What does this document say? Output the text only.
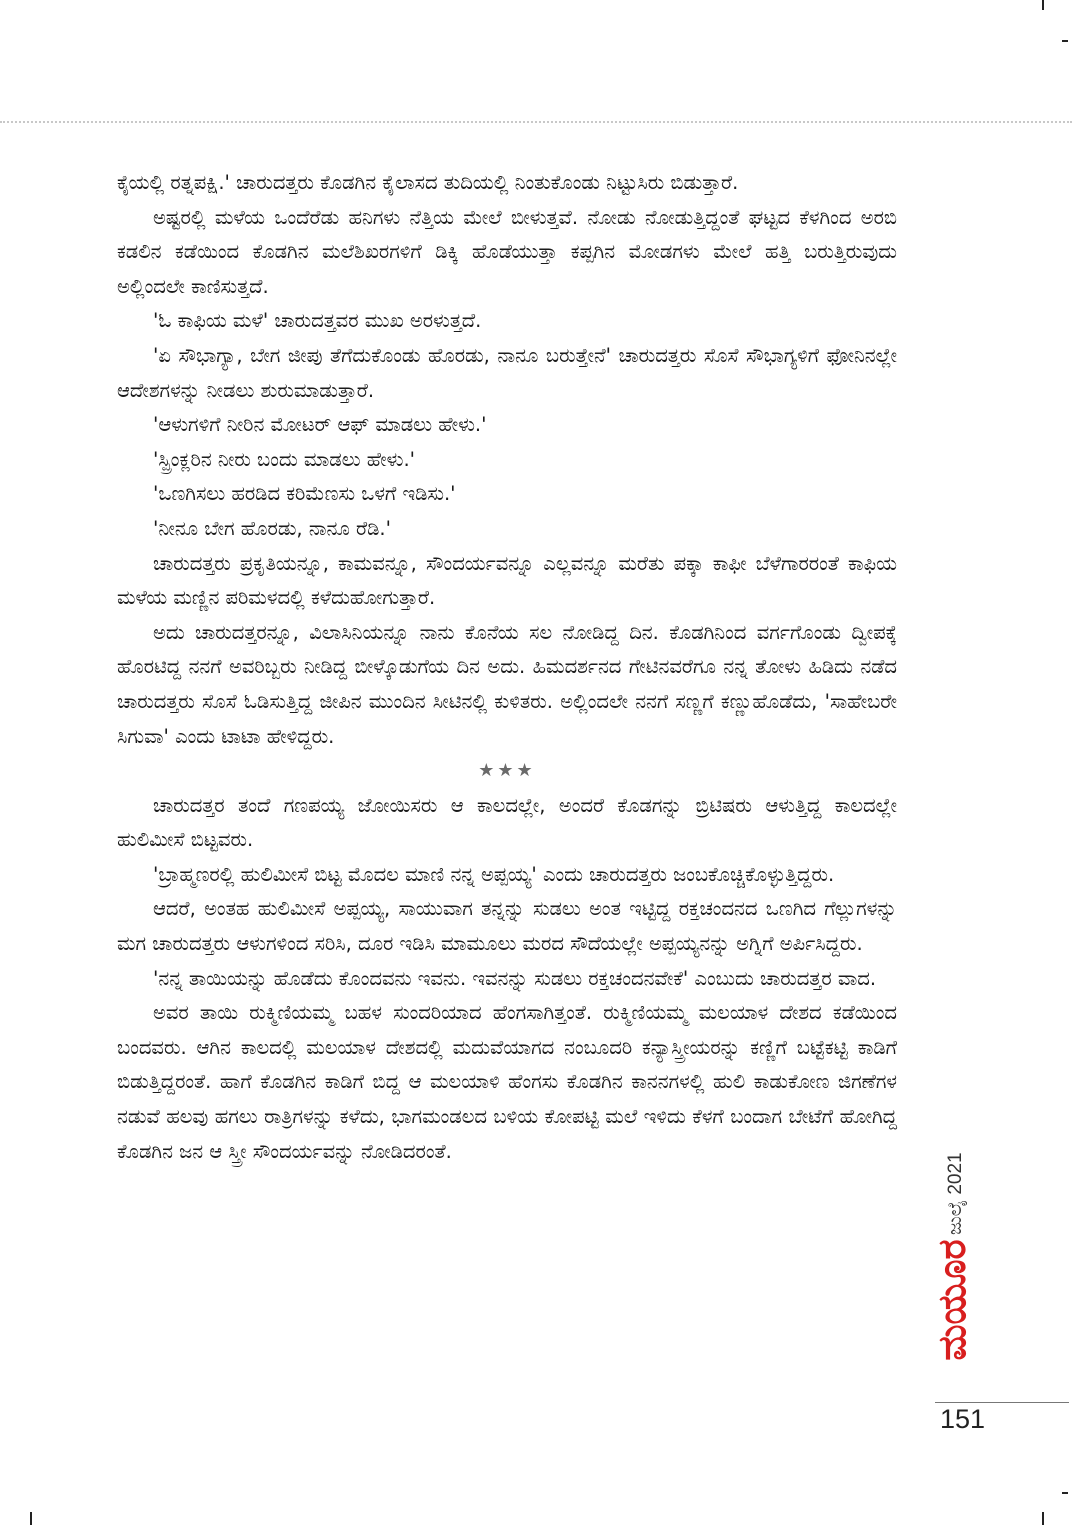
ಕೈಯಲ್ಲಿ ರತ್ನಪಕ್ಷಿ.' ಚಾರುದತ್ತರು ಕೊಡಗಿನ ಕೈಲಾಸದ ತುದಿಯಲ್ಲಿ ನಿಂತುಕೊಂಡು ನಿಟ್ಟುಸಿರು ಬಿಡುತ್ತಾರೆ.

ಅಷ್ಟರಲ್ಲಿ ಮಳೆಯ ಒಂದೆರೆಡು ಹನಿಗಳು ನೆತ್ತಿಯ ಮೇಲೆ ಬೀಳುತ್ತವೆ. ನೋಡು ನೋಡುತ್ತಿದ್ದಂತೆ ಘಟ್ಟದ ಕೆಳಗಿಂದ ಅರಬಿ ಕಡಲಿನ ಕಡೆಯಿಂದ ಕೊಡಗಿನ ಮಲೆಶಿಖರಗಳಿಗೆ ಡಿಕ್ಕಿ ಹೊಡೆಯುತ್ತಾ ಕಪ್ಪಗಿನ ಮೋಡಗಳು ಮೇಲೆ ಹತ್ತಿ ಬರುತ್ತಿರುವುದು ಅಲ್ಲಿಂದಲೇ ಕಾಣಿಸುತ್ತದೆ.

'ಓ ಕಾಫಿಯ ಮಳೆ' ಚಾರುದತ್ತವರ ಮುಖ ಅರಳುತ್ತದೆ.

'ಏ ಸೌಭಾಗ್ಯಾ, ಬೇಗ ಜೀಪು ತೆಗೆದುಕೊಂಡು ಹೊರಡು, ನಾನೂ ಬರುತ್ತೇನೆ' ಚಾರುದತ್ತರು ಸೊಸೆ ಸೌಭಾಗ್ಯಳಿಗೆ ಫೋನಿನಲ್ಲೇ ಆದೇಶಗಳನ್ನು ನೀಡಲು ಶುರುಮಾಡುತ್ತಾರೆ.

'ಆಳುಗಳಿಗೆ ನೀರಿನ ಮೋಟರ್ ಆಫ್ ಮಾಡಲು ಹೇಳು.'

'ಸ್ಪ್ರಿಂಕ್ಲರಿನ ನೀರು ಬಂದು ಮಾಡಲು ಹೇಳು.'

'ಒಣಗಿಸಲು ಹರಡಿದ ಕರಿಮೆಣಸು ಒಳಗೆ ಇಡಿಸು.'

'ನೀನೂ ಬೇಗ ಹೊರಡು, ನಾನೂ ರೆಡಿ.'

ಚಾರುದತ್ತರು ಪ್ರಕೃತಿಯನ್ನೂ, ಕಾಮವನ್ನೂ, ಸೌಂದರ್ಯವನ್ನೂ ಎಲ್ಲವನ್ನೂ ಮರೆತು ಪಕ್ಕಾ ಕಾಫೀ ಬೆಳೆಗಾರರಂತೆ ಕಾಫಿಯ ಮಳೆಯ ಮಣ್ಣಿನ ಪರಿಮಳದಲ್ಲಿ ಕಳೆದುಹೋಗುತ್ತಾರೆ.

ಅದು ಚಾರುದತ್ತರನ್ನೂ, ವಿಲಾಸಿನಿಯನ್ನೂ ನಾನು ಕೊನೆಯ ಸಲ ನೋಡಿದ್ದ ದಿನ. ಕೊಡಗಿನಿಂದ ವರ್ಗಗೊಂಡು ದ್ವೀಪಕ್ಕೆ ಹೊರಟಿದ್ದ ನನಗೆ ಅವರಿಬ್ಬರು ನೀಡಿದ್ದ ಬೀಳ್ಕೊಡುಗೆಯ ದಿನ ಅದು. ಹಿಮದರ್ಶನದ ಗೇಟಿನವರೆಗೂ ನನ್ನ ತೋಳು ಹಿಡಿದು ನಡೆದ ಚಾರುದತ್ತರು ಸೊಸೆ ಓಡಿಸುತ್ತಿದ್ದ ಜೀಪಿನ ಮುಂದಿನ ಸೀಟಿನಲ್ಲಿ ಕುಳಿತರು. ಅಲ್ಲಿಂದಲೇ ನನಗೆ ಸಣ್ಣಗೆ ಕಣ್ಣುಹೊಡೆದು, 'ಸಾಹೇಬರೇ ಸಿಗುವಾ' ಎಂದು ಟಾಟಾ ಹೇಳಿದ್ದರು.

★★★

ಚಾರುದತ್ತರ ತಂದೆ ಗಣಪಯ್ಯ ಜೋಯಿಸರು ಆ ಕಾಲದಲ್ಲೇ, ಅಂದರೆ ಕೊಡಗನ್ನು ಬ್ರಿಟಿಷರು ಆಳುತ್ತಿದ್ದ ಕಾಲದಲ್ಲೇ ಹುಲಿಮೀಸೆ ಬಿಟ್ಟವರು.

'ಬ್ರಾಹ್ಮಣರಲ್ಲಿ ಹುಲಿಮೀಸೆ ಬಿಟ್ಟ ಮೊದಲ ಮಾಣಿ ನನ್ನ ಅಪ್ಪಯ್ಯ' ಎಂದು ಚಾರುದತ್ತರು ಜಂಬಕೊಚ್ಚಿಕೊಳ್ಳುತ್ತಿದ್ದರು.

ಆದರೆ, ಅಂತಹ ಹುಲಿಮೀಸೆ ಅಪ್ಪಯ್ಯ, ಸಾಯುವಾಗ ತನ್ನನ್ನು ಸುಡಲು ಅಂತ ಇಟ್ಟಿದ್ದ ರಕ್ತಚಂದನದ ಒಣಗಿದ ಗೆಲ್ಲುಗಳನ್ನು ಮಗ ಚಾರುದತ್ತರು ಆಳುಗಳಿಂದ ಸರಿಸಿ, ದೂರ ಇಡಿಸಿ ಮಾಮೂಲು ಮರದ ಸೌದೆಯಲ್ಲೇ ಅಪ್ಪಯ್ಯನನ್ನು ಅಗ್ನಿಗೆ ಅರ್ಪಿಸಿದ್ದರು.

'ನನ್ನ ತಾಯಿಯನ್ನು ಹೊಡೆದು ಕೊಂದವನು ಇವನು. ಇವನನ್ನು ಸುಡಲು ರಕ್ತಚಂದನವೇಕೆ' ಎಂಬುದು ಚಾರುದತ್ತರ ವಾದ.

ಅವರ ತಾಯಿ ರುಕ್ಮಿಣಿಯಮ್ಮ ಬಹಳ ಸುಂದರಿಯಾದ ಹೆಂಗಸಾಗಿತ್ತಂತೆ. ರುಕ್ಮಿಣಿಯಮ್ಮ ಮಲಯಾಳ ದೇಶದ ಕಡೆಯಿಂದ ಬಂದವರು. ಆಗಿನ ಕಾಲದಲ್ಲಿ ಮಲಯಾಳ ದೇಶದಲ್ಲಿ ಮದುವೆಯಾಗದ ನಂಬೂದರಿ ಕನ್ಯಾಸ್ತ್ರೀಯರನ್ನು ಕಣ್ಣಿಗೆ ಬಟ್ಟೆಕಟ್ಟಿ ಕಾಡಿಗೆ ಬಿಡುತ್ತಿದ್ದರಂತೆ. ಹಾಗೆ ಕೊಡಗಿನ ಕಾಡಿಗೆ ಬಿದ್ದ ಆ ಮಲಯಾಳಿ ಹೆಂಗಸು ಕೊಡಗಿನ ಕಾನನಗಳಲ್ಲಿ ಹುಲಿ ಕಾಡುಕೋಣ ಜಿಗಣೆಗಳ ನಡುವೆ ಹಲವು ಹಗಲು ರಾತ್ರಿಗಳನ್ನು ಕಳೆದು, ಭಾಗಮಂಡಲದ ಬಳಿಯ ಕೋಪಟ್ಟಿ ಮಲೆ ಇಳಿದು ಕೆಳಗೆ ಬಂದಾಗ ಬೇಟೆಗೆ ಹೋಗಿದ್ದ ಕೊಡಗಿನ ಜನ ಆ ಸ್ತ್ರೀ ಸೌಂದರ್ಯವನ್ನು ನೋಡಿದರಂತೆ.

ಜುಲೈ 2021
ಮಯೂರ
151
